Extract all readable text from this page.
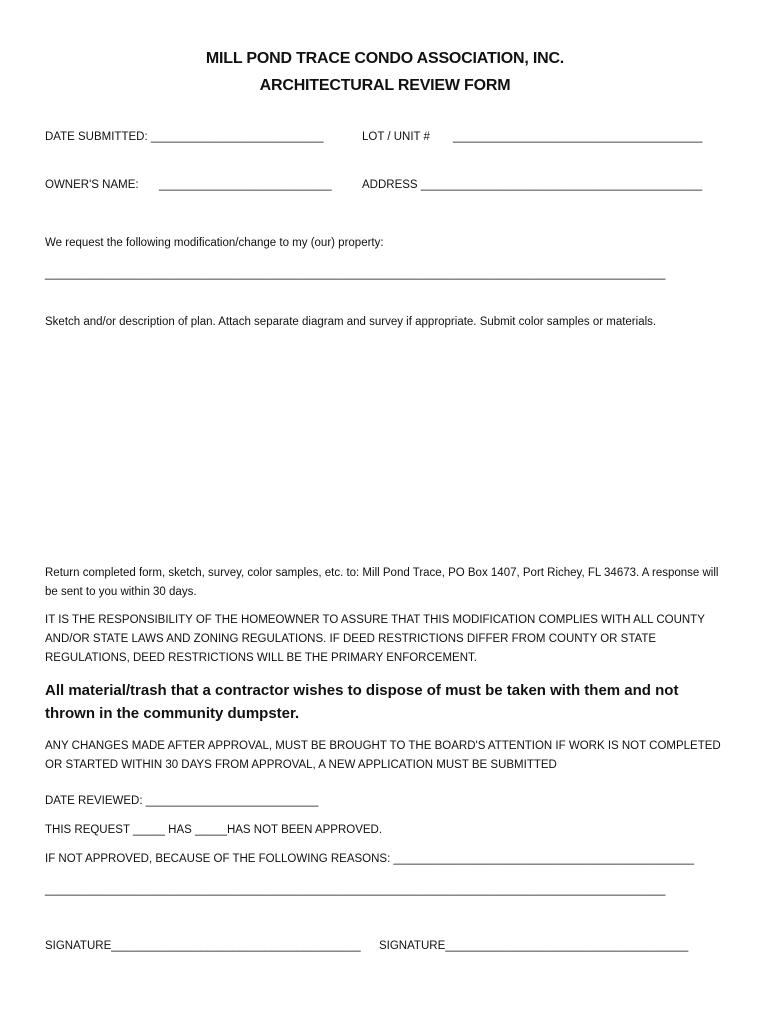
MILL POND TRACE CONDO ASSOCIATION, INC.
ARCHITECTURAL REVIEW FORM
DATE SUBMITTED: ___________________________	LOT / UNIT # _______________________________________
OWNER'S NAME: ___________________________	ADDRESS ____________________________________________
We request the following modification/change to my (our) property:
_________________________________________________________________________________________________
Sketch and/or description of plan. Attach separate diagram and survey if appropriate. Submit color samples or materials.
Return completed form, sketch, survey, color samples, etc. to: Mill Pond Trace, PO Box 1407, Port Richey, FL 34673. A response will be sent to you within 30 days.
IT IS THE RESPONSIBILITY OF THE HOMEOWNER TO ASSURE THAT THIS MODIFICATION COMPLIES WITH ALL COUNTY AND/OR STATE LAWS AND ZONING REGULATIONS. IF DEED RESTRICTIONS DIFFER FROM COUNTY OR STATE REGULATIONS, DEED RESTRICTIONS WILL BE THE PRIMARY ENFORCEMENT.
All material/trash that a contractor wishes to dispose of must be taken with them and not thrown in the community dumpster.
ANY CHANGES MADE AFTER APPROVAL, MUST BE BROUGHT TO THE BOARD'S ATTENTION IF WORK IS NOT COMPLETED OR STARTED WITHIN 30 DAYS FROM APPROVAL, A NEW APPLICATION MUST BE SUBMITTED
DATE REVIEWED: ___________________________
THIS REQUEST _____ HAS _____HAS NOT BEEN APPROVED.
IF NOT APPROVED, BECAUSE OF THE FOLLOWING REASONS: _______________________________________________
_________________________________________________________________________________________________
SIGNATURE_______________________________________ SIGNATURE______________________________________
